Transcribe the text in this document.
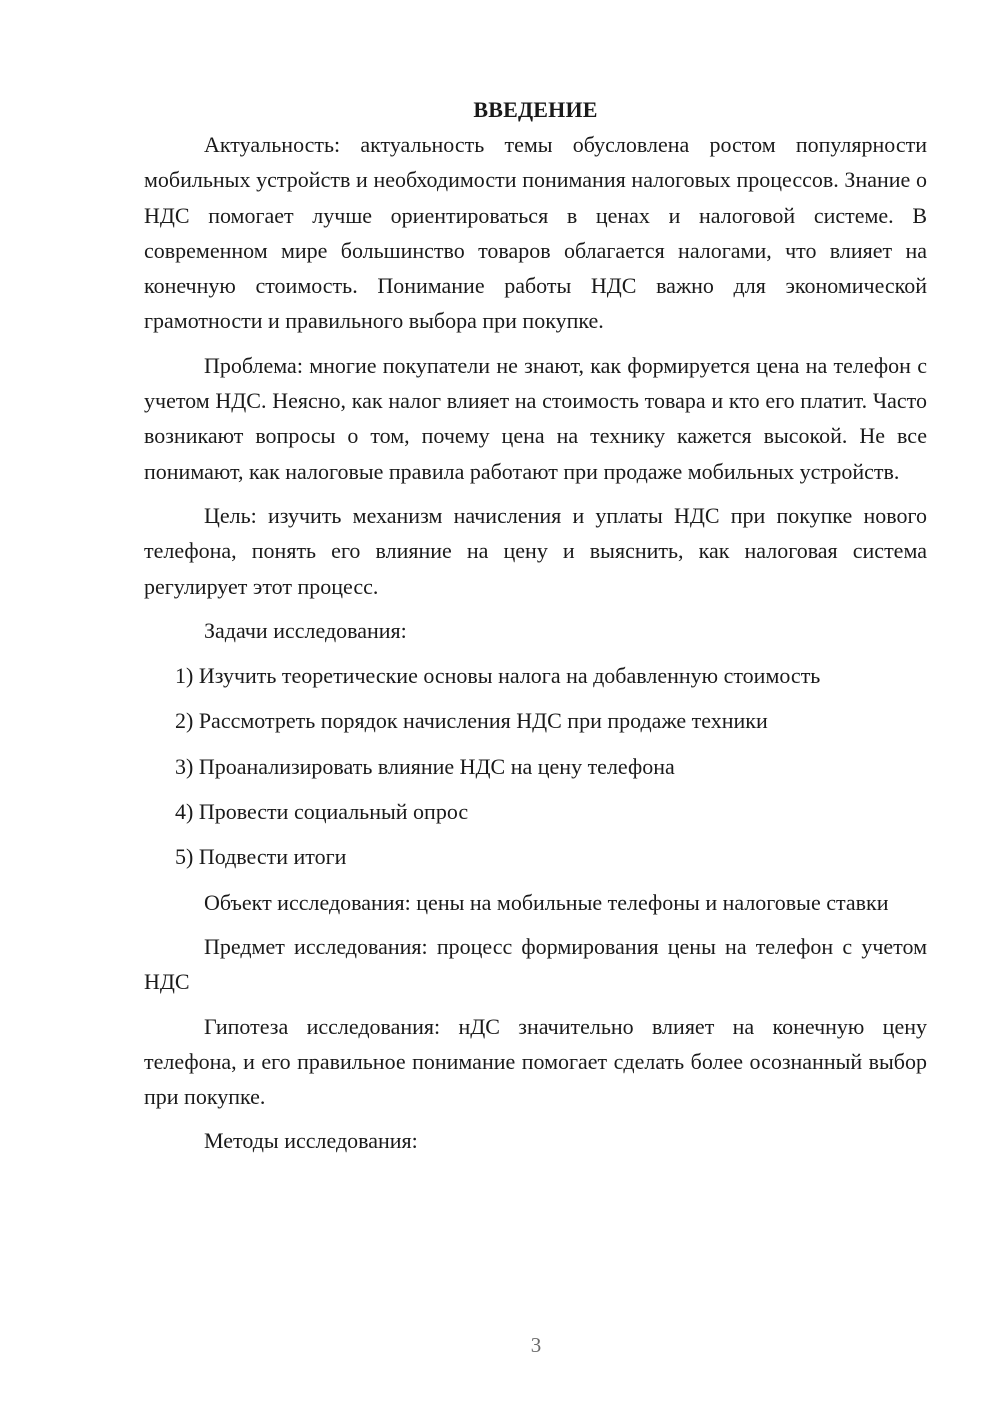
ВВЕДЕНИЕ

Актуальность: актуальность темы обусловлена ростом популярности мобильных устройств и необходимости понимания налоговых процессов. Знание о НДС помогает лучше ориентироваться в ценах и налоговой системе. В современном мире большинство товаров облагается налогами, что влияет на конечную стоимость. Понимание работы НДС важно для экономической грамотности и правильного выбора при покупке.

Проблема: многие покупатели не знают, как формируется цена на телефон с учетом НДС. Неясно, как налог влияет на стоимость товара и кто его платит. Часто возникают вопросы о том, почему цена на технику кажется высокой. Не все понимают, как налоговые правила работают при продаже мобильных устройств.

Цель: изучить механизм начисления и уплаты НДС при покупке нового телефона, понять его влияние на цену и выяснить, как налоговая система регулирует этот процесс.

Задачи исследования:

1) Изучить теоретические основы налога на добавленную стоимость

2) Рассмотреть порядок начисления НДС при продаже техники

3) Проанализировать влияние НДС на цену телефона

4) Провести социальный опрос

5) Подвести итоги

Объект исследования: цены на мобильные телефоны и налоговые ставки

Предмет исследования: процесс формирования цены на телефон с учетом НДС

Гипотеза исследования: нДС значительно влияет на конечную цену телефона, и его правильное понимание помогает сделать более осознанный выбор при покупке.

Методы исследования:

3
